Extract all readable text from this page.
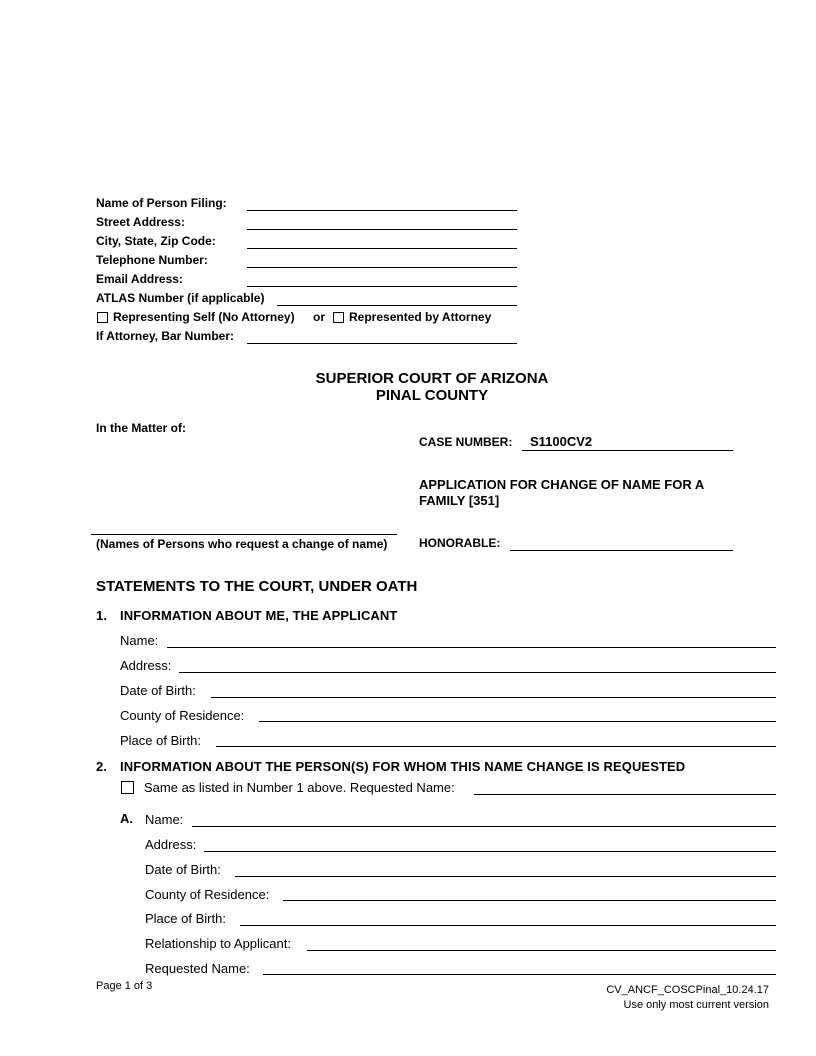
Name of Person Filing:
Street Address:
City, State, Zip Code:
Telephone Number:
Email Address:
ATLAS Number (if applicable)
Representing Self (No Attorney) or Represented by Attorney
If Attorney, Bar Number:
SUPERIOR COURT OF ARIZONA
PINAL COUNTY
In the Matter of:
CASE NUMBER: S1100CV2
APPLICATION FOR CHANGE OF NAME FOR A
FAMILY [351]
(Names of Persons who request a change of name)	HONORABLE:
STATEMENTS TO THE COURT, UNDER OATH
1. INFORMATION ABOUT ME, THE APPLICANT
Name:
Address:
Date of Birth:
County of Residence:
Place of Birth:
2. INFORMATION ABOUT THE PERSON(S) FOR WHOM THIS NAME CHANGE IS REQUESTED
Same as listed in Number 1 above. Requested Name:
A. Name:
Address:
Date of Birth:
County of Residence:
Place of Birth:
Relationship to Applicant:
Requested Name:
Page 1 of 3	CV_ANCF_COSCPinal_10.24.17
Use only most current version
